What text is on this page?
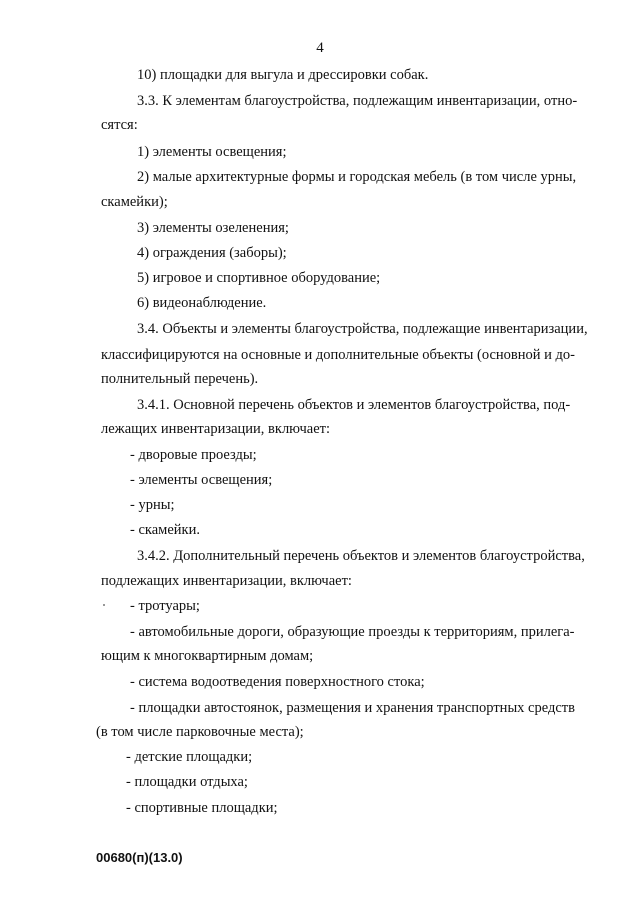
4
10) площадки для выгула и дрессировки собак.
3.3. К элементам благоустройства, подлежащим инвентаризации, отно-
сятся:
1) элементы освещения;
2) малые архитектурные формы и городская мебель (в том числе урны,
скамейки);
3) элементы озеленения;
4) ограждения (заборы);
5) игровое и спортивное оборудование;
6) видеонаблюдение.
3.4. Объекты и элементы благоустройства, подлежащие инвентаризации,
классифицируются на основные и дополнительные объекты (основной и до-
полнительный перечень).
3.4.1. Основной перечень объектов и элементов благоустройства, под-
лежащих инвентаризации, включает:
- дворовые проезды;
- элементы освещения;
- урны;
- скамейки.
3.4.2. Дополнительный перечень объектов и элементов благоустройства,
подлежащих инвентаризации, включает:
- тротуары;
- автомобильные дороги, образующие проезды к территориям, прилега-
ющим к многоквартирным домам;
- система водоотведения поверхностного стока;
- площадки автостоянок, размещения и хранения транспортных средств
(в том числе парковочные места);
- детские площадки;
- площадки отдыха;
- спортивные площадки;
00680(п)(13.0)
